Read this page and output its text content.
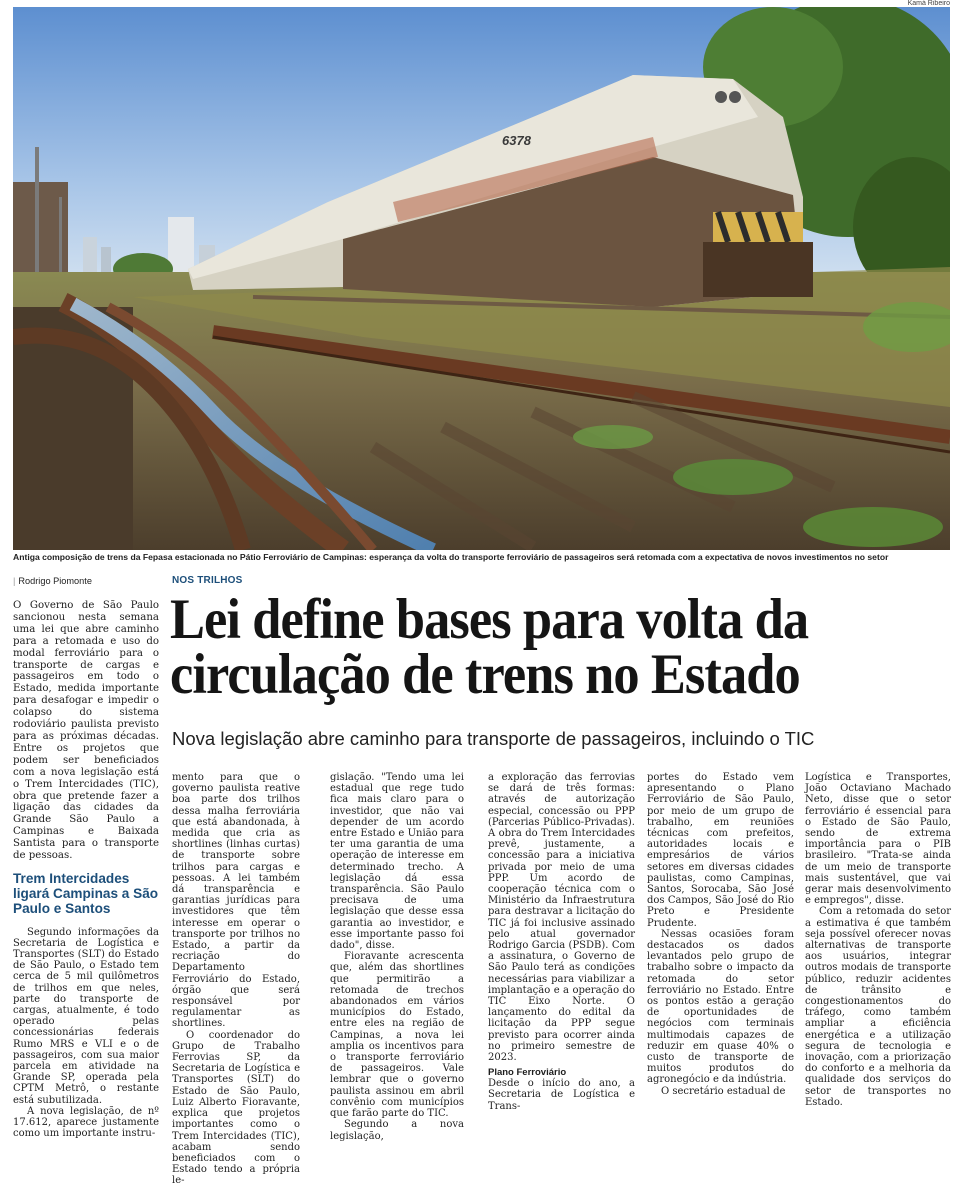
Kamá Ribeiro
6378
Antiga composição de trens da Fepasa estacionada no Pátio Ferroviário de Campinas: esperança da volta do transporte ferroviário de passageiros será retomada com a expectativa de novos investimentos no setor
| Rodrigo Piomonte	NOS TRILHOS
Lei define bases para volta da
circulação de trens no Estado
Nova legislação abre caminho para transporte de passageiros, incluindo o TIC

O Governo de São Paulo sancionou nesta semana uma lei que abre caminho para a retomada e uso do modal ferroviário para o transporte de cargas e passageiros em todo o Estado, medida importante para desafogar e impedir o colapso do sistema rodoviário paulista previsto para as próximas décadas. Entre os projetos que podem ser beneficiados com a nova legislação está o Trem Intercidades (TIC), obra que pretende fazer a ligação das cidades da Grande São Paulo a Campinas e Baixada Santista para o transporte de pessoas.

Trem Intercidades ligará Campinas a São Paulo e Santos

Segundo informações da Secretaria de Logística e Transportes (SLT) do Estado de São Paulo, o Estado tem cerca de 5 mil quilômetros de trilhos em que neles, parte do transporte de cargas, atualmente, é todo operado pelas concessionárias federais Rumo MRS e VLI e o de passageiros, com sua maior parcela em atividade na Grande SP, operada pela CPTM Metrô, o restante está subutilizada.

A nova legislação, de nº 17.612, aparece justamente como um importante instru-

mento para que o governo paulista reative boa parte dos trilhos dessa malha ferroviária que está abandonada, à medida que cria as shortlines (linhas curtas) de transporte sobre trilhos para cargas e pessoas. A lei também dá transparência e garantias jurídicas para investidores que têm interesse em operar o transporte por trilhos no Estado, a partir da recriação do Departamento Ferroviário do Estado, órgão que será responsável por regulamentar as shortlines.

O coordenador do Grupo de Trabalho Ferrovias SP, da Secretaria de Logística e Transportes (SLT) do Estado de São Paulo, Luiz Alberto Fioravante, explica que projetos importantes como o Trem Intercidades (TIC), acabam sendo beneficiados com o Estado tendo a própria le-

gislação. "Tendo uma lei estadual que rege tudo fica mais claro para o investidor, que não vai depender de um acordo entre Estado e União para ter uma garantia de uma operação de interesse em determinado trecho. A legislação dá essa transparência. São Paulo precisava de uma legislação que desse essa garantia ao investidor, e esse importante passo foi dado", disse.

Fioravante acrescenta que, além das shortlines que permitirão a retomada de trechos abandonados em vários municípios do Estado, entre eles na região de Campinas, a nova lei amplia os incentivos para o transporte ferroviário de passageiros. Vale lembrar que o governo paulista assinou em abril convênio com municípios que farão parte do TIC.

Segundo a nova legislação,

a exploração das ferrovias se dará de três formas: através de autorização especial, concessão ou PPP (Parcerias Público-Privadas). A obra do Trem Intercidades prevê, justamente, a concessão para a iniciativa privada por meio de uma PPP. Um acordo de cooperação técnica com o Ministério da Infraestrutura para destravar a licitação do TIC já foi inclusive assinado pelo atual governador Rodrigo Garcia (PSDB). Com a assinatura, o Governo de São Paulo terá as condições necessárias para viabilizar a implantação e a operação do TIC Eixo Norte. O lançamento do edital da licitação da PPP segue previsto para ocorrer ainda no primeiro semestre de 2023.

Plano Ferroviário

Desde o início do ano, a Secretaria de Logística e Trans-

portes do Estado vem apresentando o Plano Ferroviário de São Paulo, por meio de um grupo de trabalho, em reuniões técnicas com prefeitos, autoridades locais e empresários de vários setores em diversas cidades paulistas, como Campinas, Santos, Sorocaba, São José dos Campos, São José do Rio Preto e Presidente Prudente.

Nessas ocasiões foram destacados os dados levantados pelo grupo de trabalho sobre o impacto da retomada do setor ferroviário no Estado. Entre os pontos estão a geração de oportunidades de negócios com terminais multimodais capazes de reduzir em quase 40% o custo de transporte de muitos produtos do agronegócio e da indústria.

O secretário estadual de

Logística e Transportes, João Octaviano Machado Neto, disse que o setor ferroviário é essencial para o Estado de São Paulo, sendo de extrema importância para o PIB brasileiro. "Trata-se ainda de um meio de transporte mais sustentável, que vai gerar mais desenvolvimento e empregos", disse.

Com a retomada do setor a estimativa é que também seja possível oferecer novas alternativas de transporte aos usuários, integrar outros modais de transporte público, reduzir acidentes de trânsito e congestionamentos do tráfego, como também ampliar a eficiência energética e a utilização segura de tecnologia e inovação, com a priorização do conforto e a melhoria da qualidade dos serviços do setor de transportes no Estado.
